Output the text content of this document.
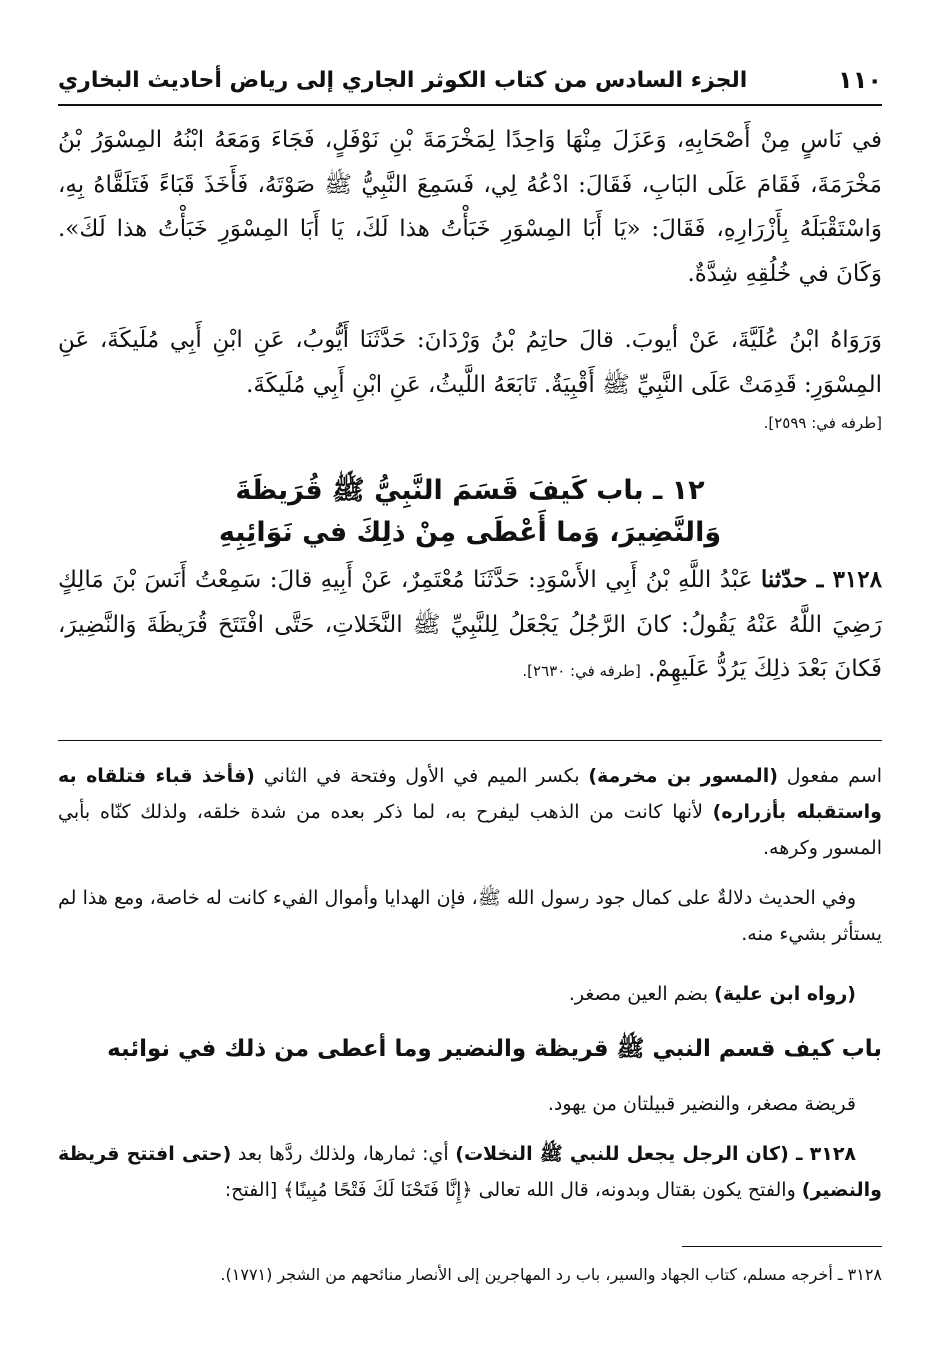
١١٠
الجزء السادس من كتاب الكوثر الجاري إلى رياض أحاديث البخاري
في نَاسٍ مِنْ أَصْحَابِهِ، وَعَزَلَ مِنْهَا وَاحِدًا لِمَخْرَمَةَ بْنِ نَوْفَلٍ، فَجَاءَ وَمَعَهُ ابْنُهُ المِسْوَرُ بْنُ مَخْرَمَةَ، فَقَامَ عَلَى البَابِ، فَقَالَ: ادْعُهُ لِي، فَسَمِعَ النَّبِيُّ ﷺ صَوْتَهُ، فَأَخَذَ قَبَاءً فَتَلَقَّاهُ بِهِ، وَاسْتَقْبَلَهُ بِأَزْرَارِهِ، فَقَالَ: «يَا أَبَا المِسْوَرِ خَبَأْتُ هذا لَكَ، يَا أَبَا المِسْوَرِ خَبَأْتُ هذا لَكَ». وَكَانَ في خُلُقِهِ شِدَّةٌ.
وَرَوَاهُ ابْنُ عُلَيَّةَ، عَنْ أيوبَ. قالَ حاتِمُ بْنُ وَرْدَانَ: حَدَّثَنَا أَيُّوبُ، عَنِ ابْنِ أَبِي مُلَيكَةَ، عَنِ المِسْوَرِ: قَدِمَتْ عَلَى النَّبِيِّ ﷺ أَقْبِيَةٌ. تَابَعَهُ اللَّيثُ، عَنِ ابْنِ أَبِي مُلَيكَةَ.
[طرفه في: ٢٥٩٩].
١٢ ـ باب كَيفَ قَسَمَ النَّبِيُّ ﷺ قُرَيظَةَ
وَالنَّضِيرَ، وَما أَعْطَى مِنْ ذلِكَ في نَوَائِبِهِ
٣١٢٨ ـ حدّثنا عَبْدُ اللَّهِ بْنُ أَبِي الأَسْوَدِ: حَدَّثَنَا مُعْتَمِرٌ، عَنْ أَبِيهِ قالَ: سَمِعْتُ أَنَسَ بْنَ مَالِكٍ رَضِيَ اللَّهُ عَنْهُ يَقُولُ: كانَ الرَّجُلُ يَجْعَلُ لِلنَّبِيِّ ﷺ النَّخَلاتِ، حَتَّى افْتَتَحَ قُرَيظَةَ وَالنَّضِيرَ، فَكانَ بَعْدَ ذلِكَ يَرُدُّ عَلَيهِمْ. [طرفه في: ٢٦٣٠].
اسم مفعول (المسور بن مخرمة) بكسر الميم في الأول وفتحة في الثاني (فأخذ قباء فتلقاه به واستقبله بأزراره) لأنها كانت من الذهب ليفرح به، لما ذكر بعده من شدة خلقه، ولذلك كنّاه بأبي المسور وكرهه.
وفي الحديث دلالةٌ على كمال جود رسول الله ﷺ، فإن الهدايا وأموال الفيء كانت له خاصة، ومع هذا لم يستأثر بشيء منه.
(رواه ابن علية) بضم العين مصغر.
باب كيف قسم النبي ﷺ قريظة والنضير وما أعطى من ذلك في نوائبه
قريضة مصغر، والنضير قبيلتان من يهود.
٣١٢٨ ـ (كان الرجل يجعل للنبي ﷺ النخلات) أي: ثمارها، ولذلك ردَّها بعد (حتى افتتح قريظة والنضير) والفتح يكون بقتال وبدونه، قال الله تعالى ﴿إِنَّا فَتَحْنَا لَكَ فَتْحًا مُبِينًا﴾ [الفتح:
٣١٢٨ ـ أخرجه مسلم، كتاب الجهاد والسير، باب رد المهاجرين إلى الأنصار منائحهم من الشجر (١٧٧١).
